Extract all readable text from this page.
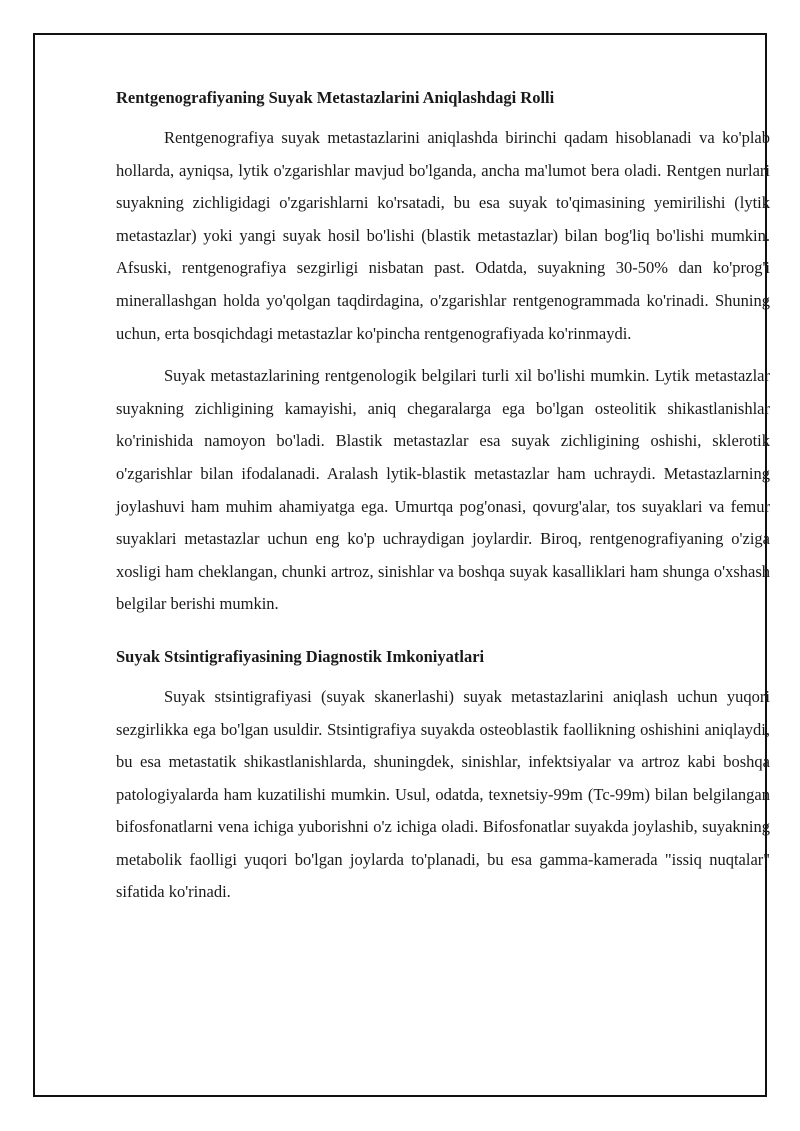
Rentgenografiyaning Suyak Metastazlarini Aniqlashdagi Rolli

Rentgenografiya suyak metastazlarini aniqlashda birinchi qadam hisoblanadi va ko'plab hollarda, ayniqsa, lytik o'zgarishlar mavjud bo'lganda, ancha ma'lumot bera oladi. Rentgen nurlari suyakning zichligidagi o'zgarishlarni ko'rsatadi, bu esa suyak to'qimasining yemirilishi (lytik metastazlar) yoki yangi suyak hosil bo'lishi (blastik metastazlar) bilan bog'liq bo'lishi mumkin. Afsuski, rentgenografiya sezgirligi nisbatan past. Odatda, suyakning 30-50% dan ko'prog'i minerallashgan holda yo'qolgan taqdirdagina, o'zgarishlar rentgenogrammada ko'rinadi. Shuning uchun, erta bosqichdagi metastazlar ko'pincha rentgenografiyada ko'rinmaydi.

Suyak metastazlarining rentgenologik belgilari turli xil bo'lishi mumkin. Lytik metastazlar suyakning zichligining kamayishi, aniq chegaralarga ega bo'lgan osteolitik shikastlanishlar ko'rinishida namoyon bo'ladi. Blastik metastazlar esa suyak zichligining oshishi, sklerotik o'zgarishlar bilan ifodalanadi. Aralash lytik-blastik metastazlar ham uchraydi. Metastazlarning joylashuvi ham muhim ahamiyatga ega. Umurtqa pog'onasi, qovurg'alar, tos suyaklari va femur suyaklari metastazlar uchun eng ko'p uchraydigan joylardir. Biroq, rentgenografiyaning o'ziga xosligi ham cheklangan, chunki artroz, sinishlar va boshqa suyak kasalliklari ham shunga o'xshash belgilar berishi mumkin.

Suyak Stsintigrafiyasining Diagnostik Imkoniyatlari

Suyak stsintigrafiyasi (suyak skanerlashi) suyak metastazlarini aniqlash uchun yuqori sezgirlikka ega bo'lgan usuldir. Stsintigrafiya suyakda osteoblastik faollikning oshishini aniqlaydi, bu esa metastatik shikastlanishlarda, shuningdek, sinishlar, infektsiyalar va artroz kabi boshqa patologiyalarda ham kuzatilishi mumkin. Usul, odatda, texnetsiy-99m (Tc-99m) bilan belgilangan bifosfonatlarni vena ichiga yuborishni o'z ichiga oladi. Bifosfonatlar suyakda joylashib, suyakning metabolik faolligi yuqori bo'lgan joylarda to'planadi, bu esa gamma-kamerada "issiq nuqtalar" sifatida ko'rinadi.
